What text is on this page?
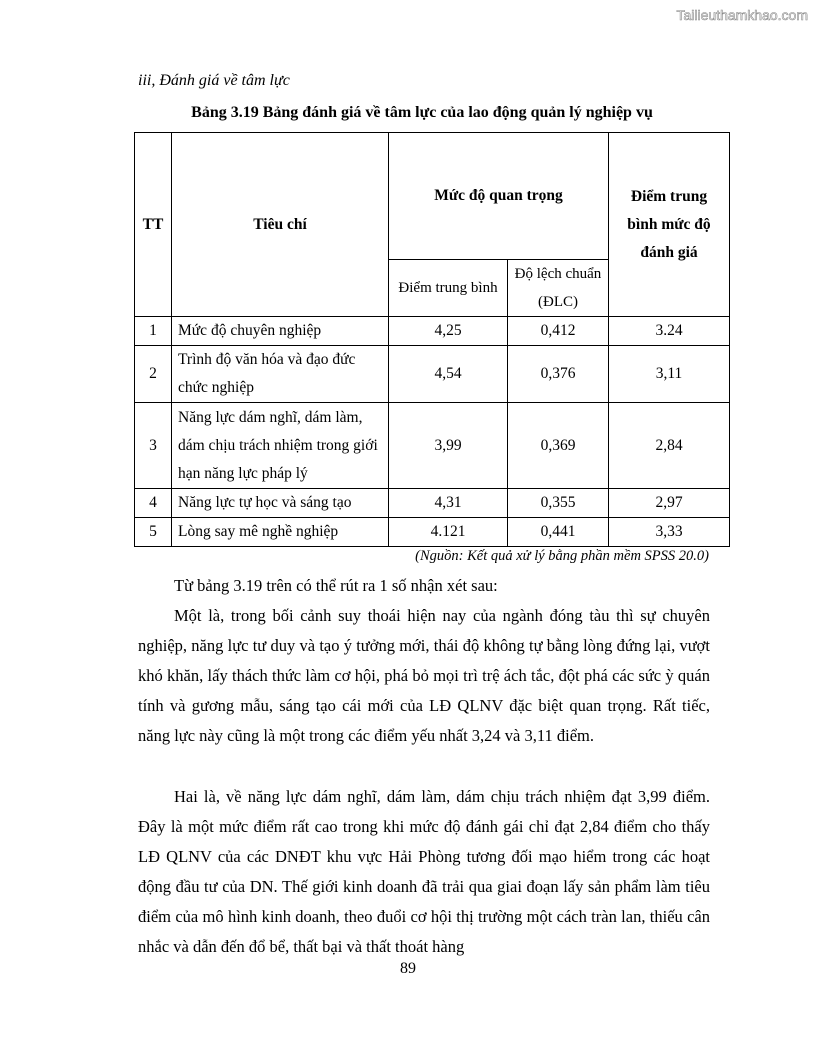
Tailieuthamkhao.com
iii, Đánh giá về tâm lực
Bảng 3.19 Bảng đánh giá về tâm lực của lao động quản lý nghiệp vụ
TT	Tiêu chí	Mức độ quan trọng		Điểm trung bình mức độ đánh giá
		Điểm trung bình	Độ lệch chuẩn (ĐLC)	
1	Mức độ chuyên nghiệp	4,25	0,412	3.24
2	Trình độ văn hóa và đạo đức chức nghiệp	4,54	0,376	3,11
3	Năng lực dám nghĩ, dám làm, dám chịu trách nhiệm trong giới hạn năng lực pháp lý	3,99	0,369	2,84
4	Năng lực tự học và sáng tạo	4,31	0,355	2,97
5	Lòng say mê nghề nghiệp	4.121	0,441	3,33
(Nguồn: Kết quả xử lý bằng phần mềm SPSS 20.0)

Từ bảng 3.19 trên có thể rút ra 1 số nhận xét sau:

Một là, trong bối cảnh suy thoái hiện nay của ngành đóng tàu thì sự chuyên nghiệp, năng lực tư duy và tạo ý tưởng mới, thái độ không tự bằng lòng đứng lại, vượt khó khăn, lấy thách thức làm cơ hội, phá bỏ mọi trì trệ ách tắc, đột phá các sức ỳ quán tính và gương mẫu, sáng tạo cái mới của LĐ QLNV đặc biệt quan trọng. Rất tiếc, năng lực này cũng là một trong các điểm yếu nhất 3,24 và 3,11 điểm.

Hai là, về năng lực dám nghĩ, dám làm, dám chịu trách nhiệm đạt 3,99 điểm. Đây là một mức điểm rất cao trong khi mức độ đánh gái chỉ đạt 2,84 điểm cho thấy LĐ QLNV của các DNĐT khu vực Hải Phòng tương đối mạo hiểm trong các hoạt động đầu tư của DN. Thế giới kinh doanh đã trải qua giai đoạn lấy sản phẩm làm tiêu điểm của mô hình kinh doanh, theo đuổi cơ hội thị trường một cách tràn lan, thiếu cân nhắc và dẫn đến đổ bể, thất bại và thất thoát hàng

89
